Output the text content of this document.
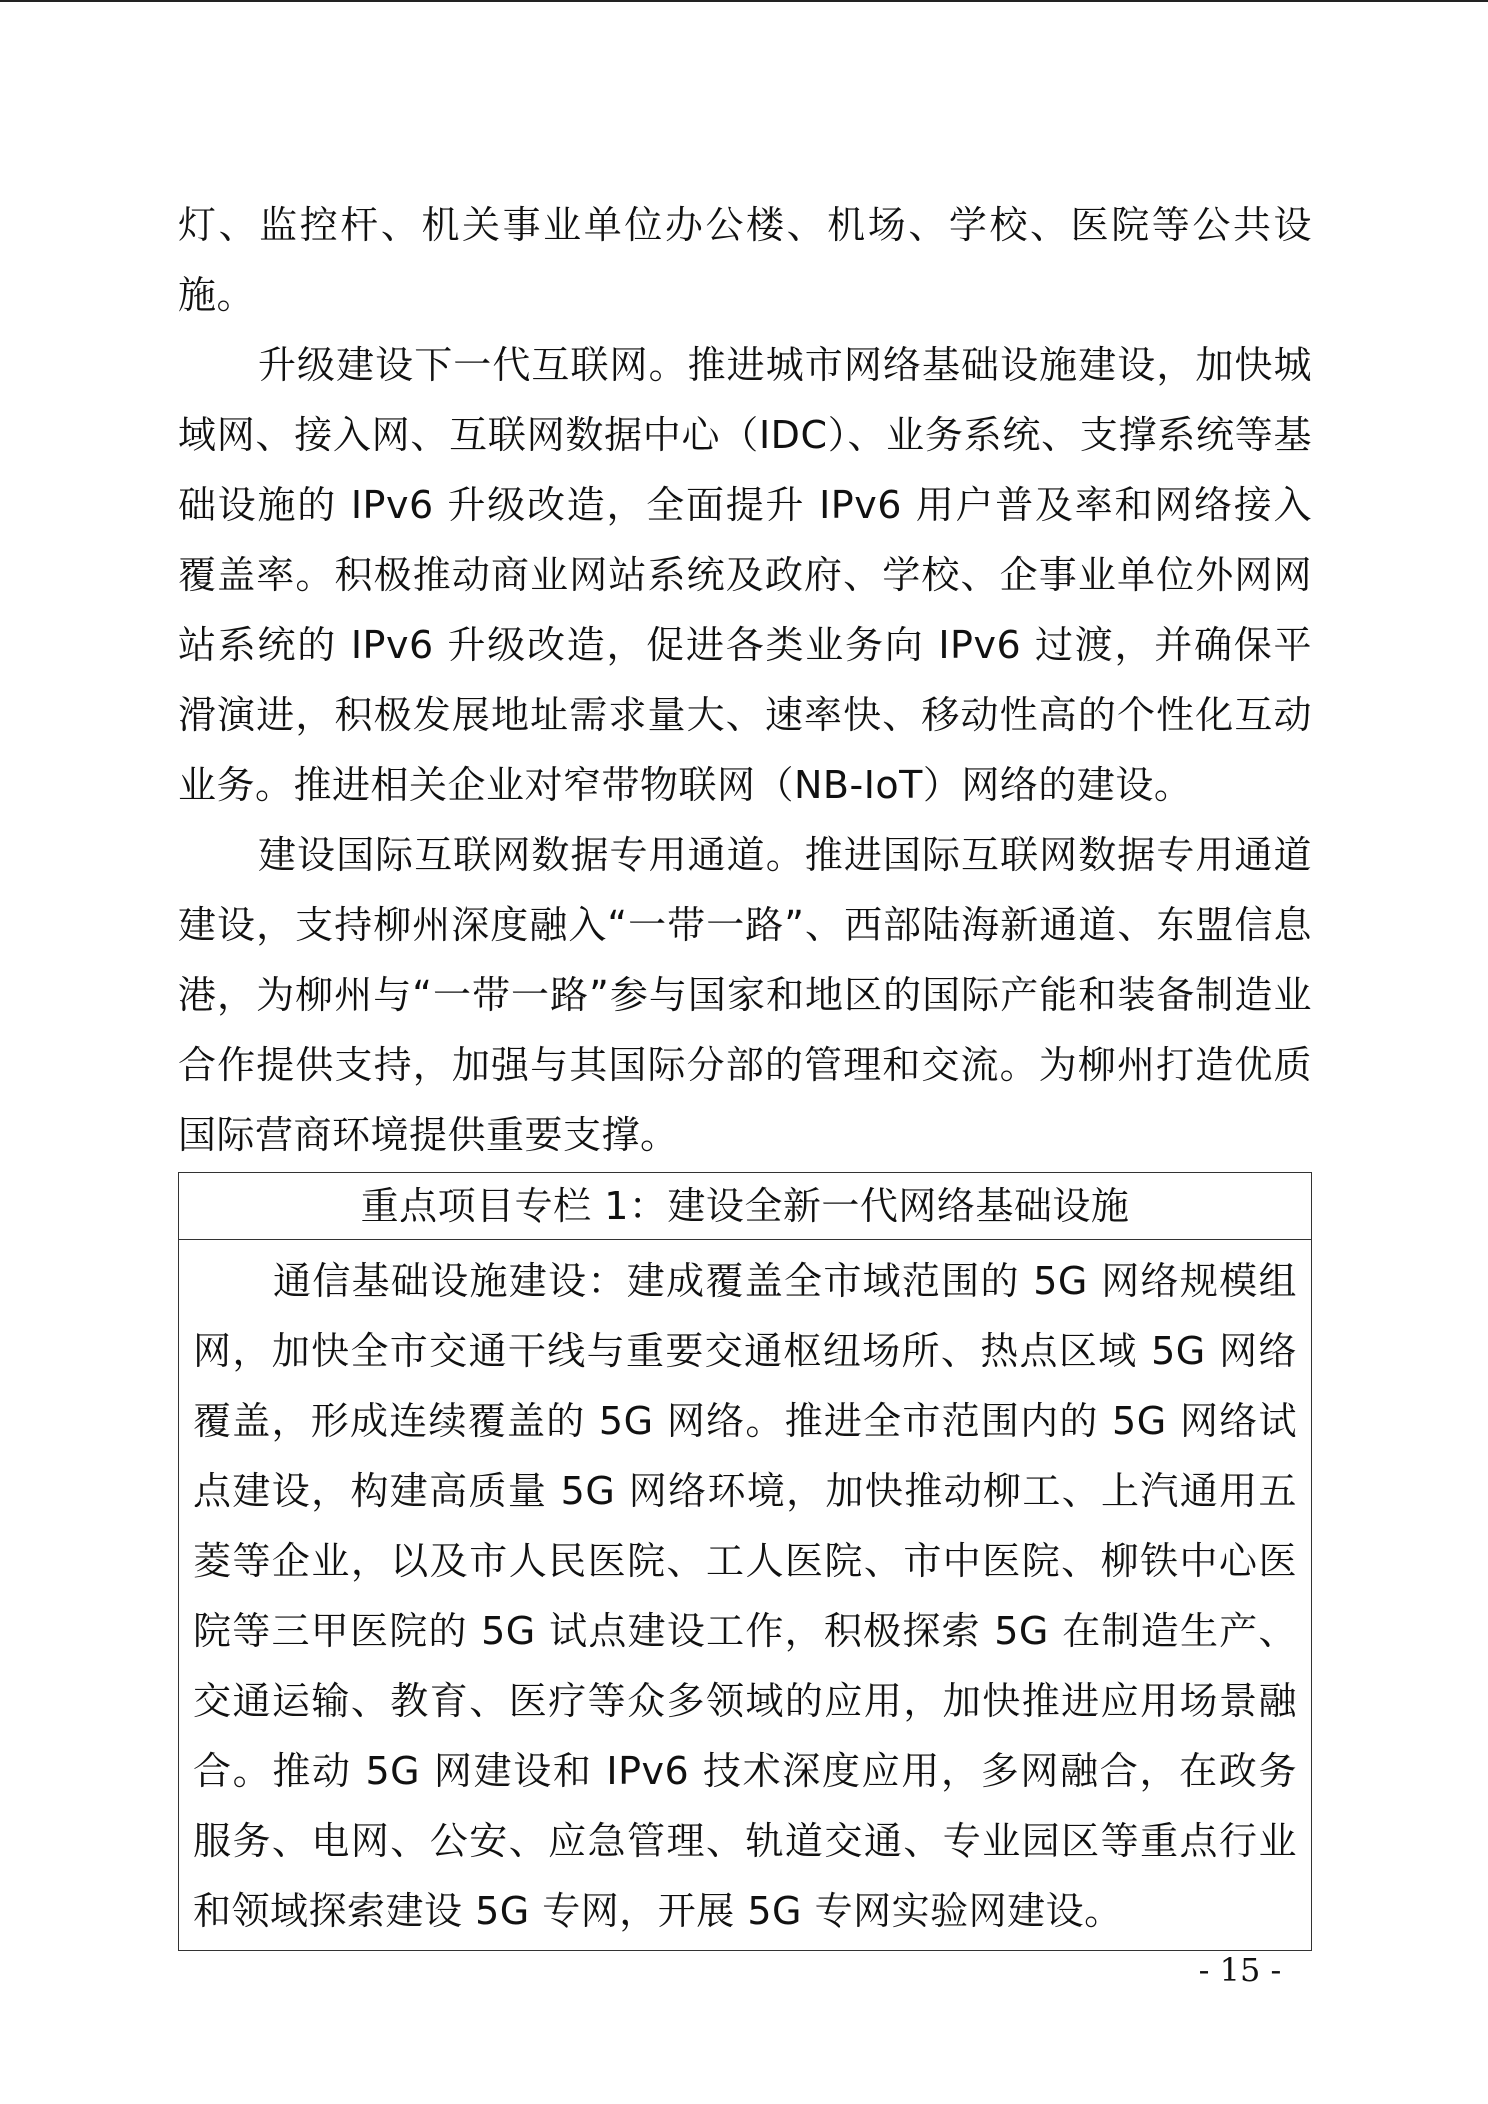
灯、监控杆、机关事业单位办公楼、机场、学校、医院等公共设施。

升级建设下一代互联网。推进城市网络基础设施建设，加快城域网、接入网、互联网数据中心（IDC）、业务系统、支撑系统等基础设施的 IPv6 升级改造，全面提升 IPv6 用户普及率和网络接入覆盖率。积极推动商业网站系统及政府、学校、企事业单位外网网站系统的 IPv6 升级改造，促进各类业务向 IPv6 过渡，并确保平滑演进，积极发展地址需求量大、速率快、移动性高的个性化互动业务。推进相关企业对窄带物联网（NB-IoT）网络的建设。

建设国际互联网数据专用通道。推进国际互联网数据专用通道建设，支持柳州深度融入“一带一路”、西部陆海新通道、东盟信息港，为柳州与“一带一路”参与国家和地区的国际产能和装备制造业合作提供支持，加强与其国际分部的管理和交流。为柳州打造优质国际营商环境提供重要支撑。

重点项目专栏 1：建设全新一代网络基础设施

通信基础设施建设：建成覆盖全市域范围的 5G 网络规模组网，加快全市交通干线与重要交通枢纽场所、热点区域 5G 网络覆盖，形成连续覆盖的 5G 网络。推进全市范围内的 5G 网络试点建设，构建高质量 5G 网络环境，加快推动柳工、上汽通用五菱等企业，以及市人民医院、工人医院、市中医院、柳铁中心医院等三甲医院的 5G 试点建设工作，积极探索 5G 在制造生产、交通运输、教育、医疗等众多领域的应用，加快推进应用场景融合。推动 5G 网建设和 IPv6 技术深度应用，多网融合，在政务服务、电网、公安、应急管理、轨道交通、专业园区等重点行业和领域探索建设 5G 专网，开展 5G 专网实验网建设。

- 15 -
